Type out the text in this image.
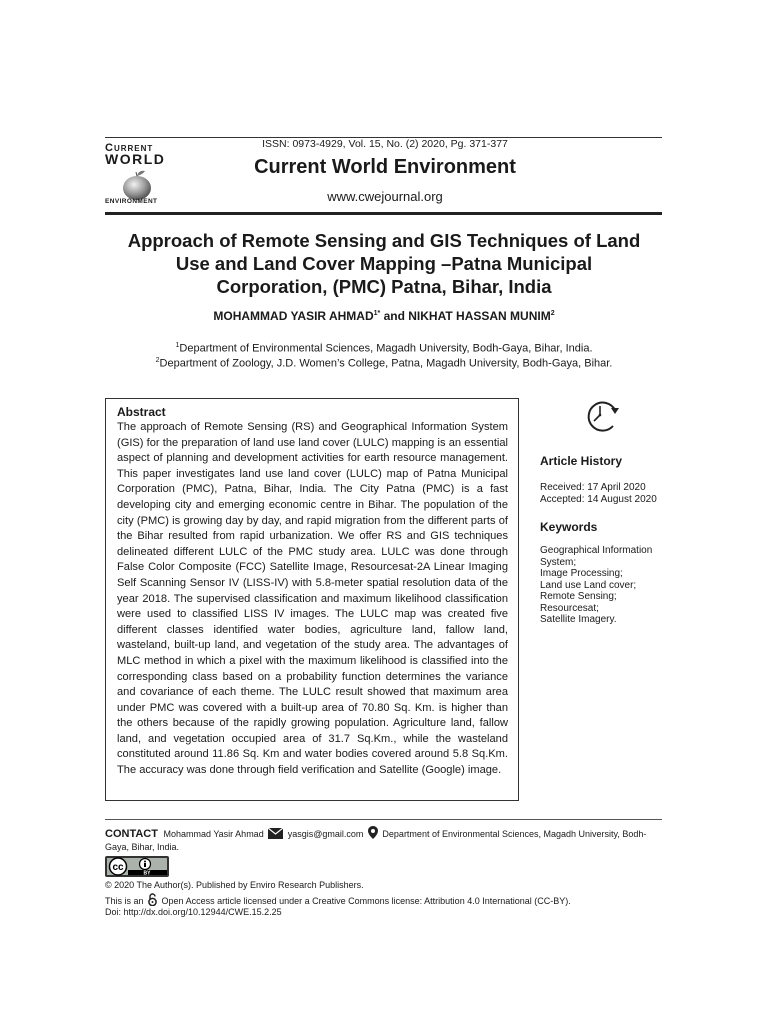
Current
WORLD
ENVIRONMENT
ISSN: 0973-4929, Vol. 15, No. (2) 2020, Pg. 371-377
Current World Environment
www.cwejournal.org
Approach of Remote Sensing and GIS Techniques of Land Use and Land Cover Mapping –Patna Municipal Corporation, (PMC) Patna, Bihar, India
MOHAMMAD YASIR $AHMAD^{1*}$ and NIKHAT HASSAN MUNIM$^2$
$^1$Department of Environmental Sciences, Magadh University, Bodh-Gaya, Bihar, India.
$^2$Department of Zoology, J.D. Women’s College, Patna, Magadh University, Bodh-Gaya, Bihar.
Abstract

The approach of Remote Sensing (RS) and Geographical Information System (GIS) for the preparation of land use land cover (LULC) mapping is an essential aspect of planning and development activities for earth resource management. This paper investigates land use land cover (LULC) map of Patna Municipal Corporation (PMC), Patna, Bihar, India. The City Patna (PMC) is a fast developing city and emerging economic centre in Bihar. The population of the city (PMC) is growing day by day, and rapid migration from the different parts of the Bihar resulted from rapid urbanization. We offer RS and GIS techniques delineated different LULC of the PMC study area. LULC was done through False Color Composite (FCC) Satellite Image, Resourcesat-2A Linear Imaging Self Scanning Sensor IV (LISS-IV) with 5.8-meter spatial resolution data of the year 2018. The supervised classification and maximum likelihood classification were used to classified LISS IV images. The LULC map was created five different classes identified water bodies, agriculture land, fallow land, wasteland, built-up land, and vegetation of the study area. The advantages of MLC method in which a pixel with the maximum likelihood is classified into the corresponding class based on a probability function determines the variance and covariance of each theme. The LULC result showed that maximum area under PMC was covered with a built-up area of 70.80 Sq. Km. is higher than the others because of the rapidly growing population. Agriculture land, fallow land, and vegetation occupied area of 31.7 Sq.Km., while the wasteland constituted around 11.86 Sq. Km and water bodies covered around 5.8 Sq.Km. The accuracy was done through field verification and Satellite (Google) image.

Article History
Received: 17 April 2020
Accepted: 14 August 2020
Keywords
Geographical Information System;
Image Processing;
Land use Land cover;
Remote Sensing;
Resourcesat;
Satellite Imagery.
CONTACT Mohammad Yasir Ahmad	yasgis@gmail.com Department of Environmental Sciences, Magadh University, Bodh-Gaya, Bihar, India.
cc
BY
© 2020 The Author(s). Published by Enviro Research Publishers.
This is an Open Access article licensed under a Creative Commons license: Attribution 4.0 International (CC-BY).
Doi: http://dx.doi.org/10.12944/CWE.15.2.25
